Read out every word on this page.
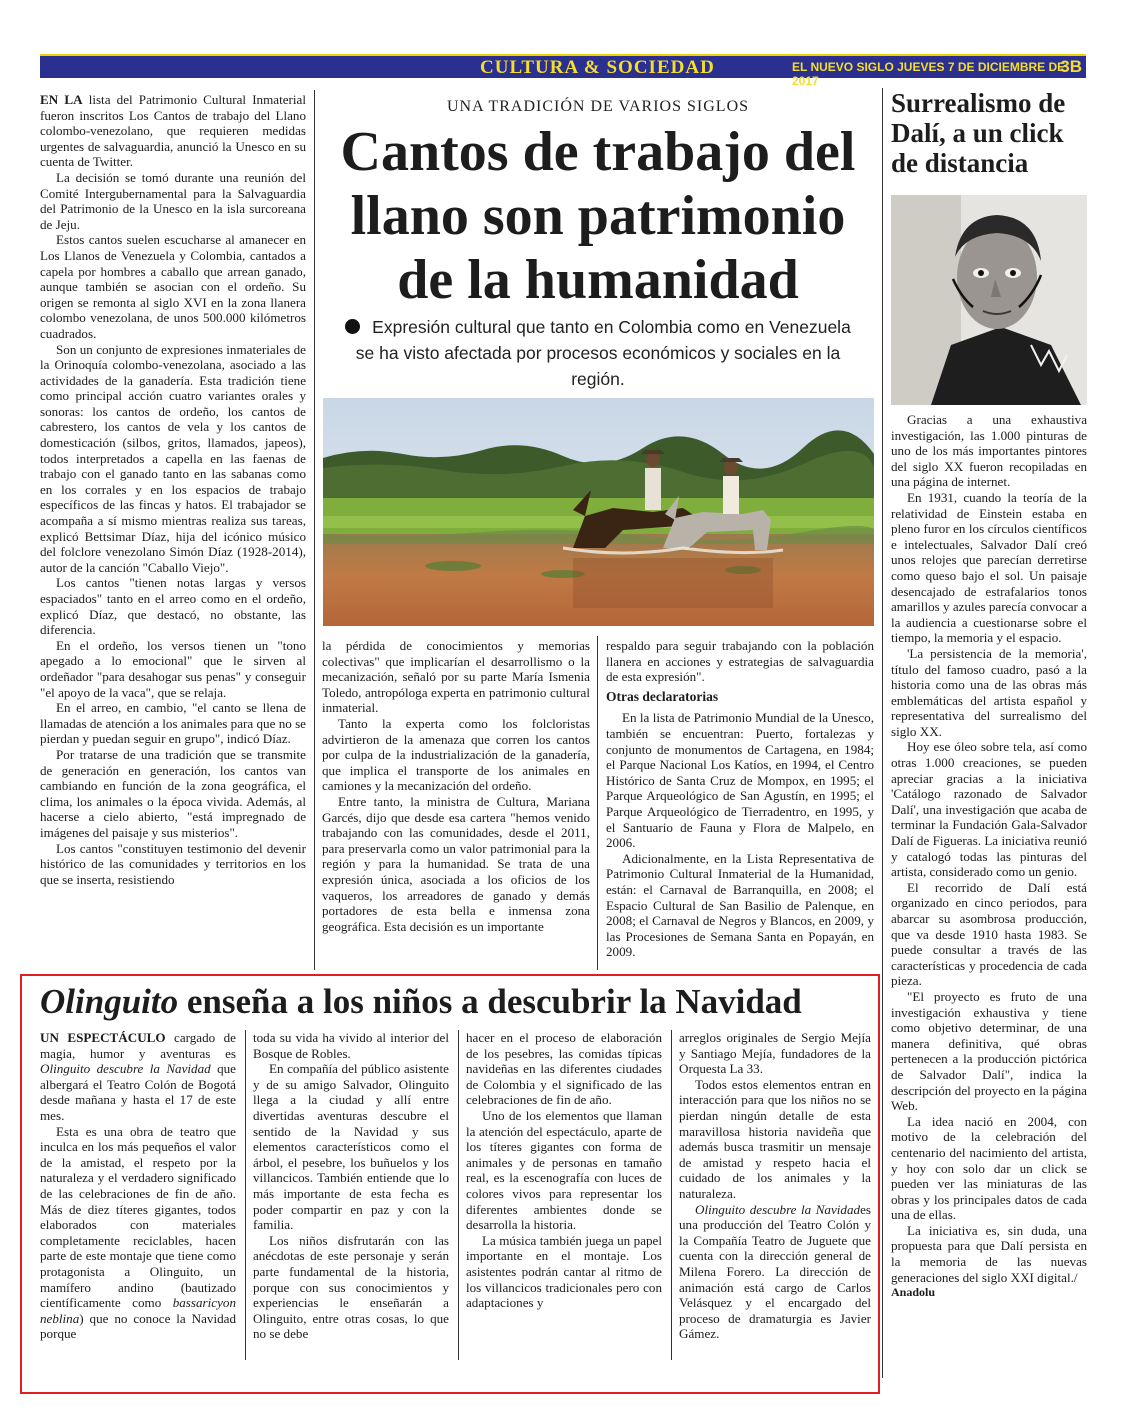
CULTURA & SOCIEDAD	EL NUEVO SIGLO JUEVES 7 DE DICIEMBRE DE 2017
3B

EN LA lista del Patrimonio Cultural Inmaterial fueron inscritos Los Cantos de trabajo del Llano colombo-venezolano, que requieren medidas urgentes de salvaguardia, anunció la Unesco en su cuenta de Twitter.

La decisión se tomó durante una reunión del Comité Intergubernamental para la Salvaguardia del Patrimonio de la Unesco en la isla surcoreana de Jeju.

Estos cantos suelen escucharse al amanecer en Los Llanos de Venezuela y Colombia, cantados a capela por hombres a caballo que arrean ganado, aunque también se asocian con el ordeño. Su origen se remonta al siglo XVI en la zona llanera colombo venezolana, de unos 500.000 kilómetros cuadrados.

Son un conjunto de expresiones inmateriales de la Orinoquía colombo-venezolana, asociado a las actividades de la ganadería. Esta tradición tiene como principal acción cuatro variantes orales y sonoras: los cantos de ordeño, los cantos de cabrestero, los cantos de vela y los cantos de domesticación (silbos, gritos, llamados, japeos), todos interpretados a capella en las faenas de trabajo con el ganado tanto en las sabanas como en los corrales y en los espacios de trabajo específicos de las fincas y hatos. El trabajador se acompaña a sí mismo mientras realiza sus tareas, explicó Bettsimar Díaz, hija del icónico músico del folclore venezolano Simón Díaz (1928-2014), autor de la canción "Caballo Viejo".

Los cantos "tienen notas largas y versos espaciados" tanto en el arreo como en el ordeño, explicó Díaz, que destacó, no obstante, las diferencia.

En el ordeño, los versos tienen un "tono apegado a lo emocional" que le sirven al ordeñador "para desahogar sus penas" y conseguir "el apoyo de la vaca", que se relaja.

En el arreo, en cambio, "el canto se llena de llamadas de atención a los animales para que no se pierdan y puedan seguir en grupo", indicó Díaz.

Por tratarse de una tradición que se transmite de generación en generación, los cantos van cambiando en función de la zona geográfica, el clima, los animales o la época vivida. Además, al hacerse a cielo abierto, "está impregnado de imágenes del paisaje y sus misterios".

Los cantos "constituyen testimonio del devenir histórico de las comunidades y territorios en los que se inserta, resistiendo

UNA TRADICIÓN DE VARIOS SIGLOS
Cantos de trabajo del llano son patrimonio de la humanidad
Expresión cultural que tanto en Colombia como en Venezuela se ha visto afectada por procesos económicos y sociales en la región.

la pérdida de conocimientos y memorias colectivas" que implicarían el desarrollismo o la mecanización, señaló por su parte María Ismenia Toledo, antropóloga experta en patrimonio cultural inmaterial.

Tanto la experta como los folcloristas advirtieron de la amenaza que corren los cantos por culpa de la industrialización de la ganadería, que implica el transporte de los animales en camiones y la mecanización del ordeño.

Entre tanto, la ministra de Cultura, Mariana Garcés, dijo que desde esa cartera "hemos venido trabajando con las comunidades, desde el 2011, para preservarla como un valor patrimonial para la región y para la humanidad. Se trata de una expresión única, asociada a los oficios de los vaqueros, los arreadores de ganado y demás portadores de esta bella e inmensa zona geográfica. Esta decisión es un importante

respaldo para seguir trabajando con la población llanera en acciones y estrategias de salvaguardia de esta expresión".

Otras declaratorias

En la lista de Patrimonio Mundial de la Unesco, también se encuentran: Puerto, fortalezas y conjunto de monumentos de Cartagena, en 1984; el Parque Nacional Los Katíos, en 1994, el Centro Histórico de Santa Cruz de Mompox, en 1995; el Parque Arqueológico de San Agustín, en 1995; el Parque Arqueológico de Tierradentro, en 1995, y el Santuario de Fauna y Flora de Malpelo, en 2006.

Adicionalmente, en la Lista Representativa de Patrimonio Cultural Inmaterial de la Humanidad, están: el Carnaval de Barranquilla, en 2008; el Espacio Cultural de San Basilio de Palenque, en 2008; el Carnaval de Negros y Blancos, en 2009, y las Procesiones de Semana Santa en Popayán, en 2009.

Surrealismo de Dalí, a un click de distancia

Gracias a una exhaustiva investigación, las 1.000 pinturas de uno de los más importantes pintores del siglo XX fueron recopiladas en una página de internet.

En 1931, cuando la teoría de la relatividad de Einstein estaba en pleno furor en los círculos científicos e intelectuales, Salvador Dalí creó unos relojes que parecían derretirse como queso bajo el sol. Un paisaje desencajado de estrafalarios tonos amarillos y azules parecía convocar a la audiencia a cuestionarse sobre el tiempo, la memoria y el espacio.

'La persistencia de la memoria', título del famoso cuadro, pasó a la historia como una de las obras más emblemáticas del artista español y representativa del surrealismo del siglo XX.

Hoy ese óleo sobre tela, así como otras 1.000 creaciones, se pueden apreciar gracias a la iniciativa 'Catálogo razonado de Salvador Dalí', una investigación que acaba de terminar la Fundación Gala-Salvador Dalí de Figueras. La iniciativa reunió y catalogó todas las pinturas del artista, considerado como un genio.

El recorrido de Dalí está organizado en cinco periodos, para abarcar su asombrosa producción, que va desde 1910 hasta 1983. Se puede consultar a través de las características y procedencia de cada pieza.

"El proyecto es fruto de una investigación exhaustiva y tiene como objetivo determinar, de una manera definitiva, qué obras pertenecen a la producción pictórica de Salvador Dalí", indica la descripción del proyecto en la página Web.

La idea nació en 2004, con motivo de la celebración del centenario del nacimiento del artista, y hoy con solo dar un click se pueden ver las miniaturas de las obras y los principales datos de cada una de ellas.

La iniciativa es, sin duda, una propuesta para que Dalí persista en la memoria de las nuevas generaciones del siglo XXI digital./

Anadolu

Olinguito enseña a los niños a descubrir la Navidad

UN ESPECTÁCULO cargado de magia, humor y aventuras es Olinguito descubre la Navidad que albergará el Teatro Colón de Bogotá desde mañana y hasta el 17 de este mes.

Esta es una obra de teatro que inculca en los más pequeños el valor de la amistad, el respeto por la naturaleza y el verdadero significado de las celebraciones de fin de año. Más de diez títeres gigantes, todos elaborados con materiales completamente reciclables, hacen parte de este montaje que tiene como protagonista a Olinguito, un mamífero andino (bautizado científicamente como bassaricyon neblina) que no conoce la Navidad porque

toda su vida ha vivido al interior del Bosque de Robles.

En compañía del público asistente y de su amigo Salvador, Olinguito llega a la ciudad y allí entre divertidas aventuras descubre el sentido de la Navidad y sus elementos característicos como el árbol, el pesebre, los buñuelos y los villancicos. También entiende que lo más importante de esta fecha es poder compartir en paz y con la familia.

Los niños disfrutarán con las anécdotas de este personaje y serán parte fundamental de la historia, porque con sus conocimientos y experiencias le enseñarán a Olinguito, entre otras cosas, lo que no se debe

hacer en el proceso de elaboración de los pesebres, las comidas típicas navideñas en las diferentes ciudades de Colombia y el significado de las celebraciones de fin de año.

Uno de los elementos que llaman la atención del espectáculo, aparte de los títeres gigantes con forma de animales y de personas en tamaño real, es la escenografía con luces de colores vivos para representar los diferentes ambientes donde se desarrolla la historia.

La música también juega un papel importante en el montaje. Los asistentes podrán cantar al ritmo de los villancicos tradicionales pero con adaptaciones y

arreglos originales de Sergio Mejía y Santiago Mejía, fundadores de la Orquesta La 33.

Todos estos elementos entran en interacción para que los niños no se pierdan ningún detalle de esta maravillosa historia navideña que además busca trasmitir un mensaje de amistad y respeto hacia el cuidado de los animales y la naturaleza.

Olinguito descubre la Navidades una producción del Teatro Colón y la Compañía Teatro de Juguete que cuenta con la dirección general de Milena Forero. La dirección de animación está cargo de Carlos Velásquez y el encargado del proceso de dramaturgia es Javier Gámez.
